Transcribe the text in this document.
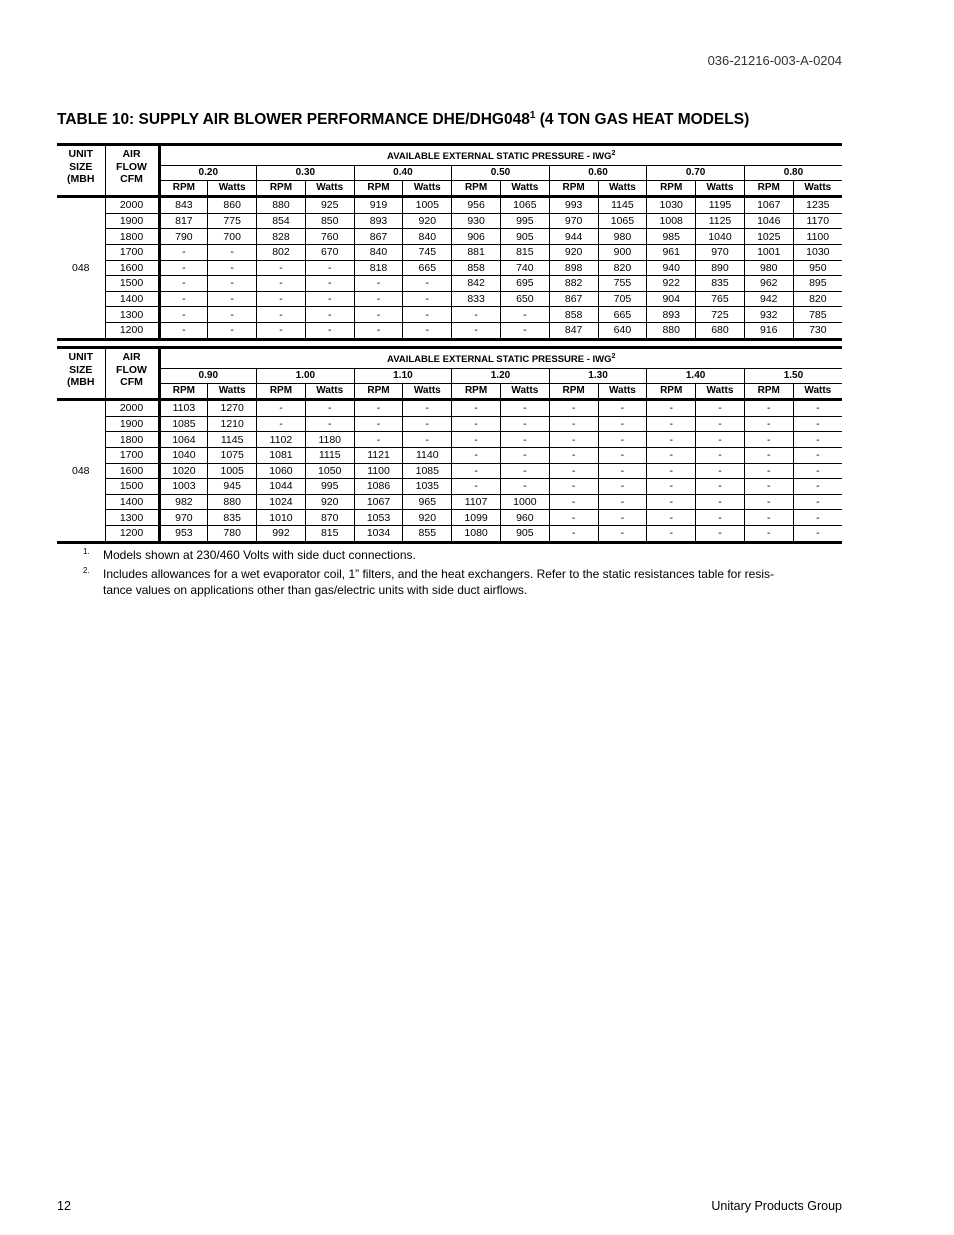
036-21216-003-A-0204
TABLE 10: SUPPLY AIR BLOWER PERFORMANCE DHE/$DHG048^1$ (4 TON GAS HEAT MODELS)
UNIT
SIZE
(MBH	AIR
FLOW
CFM	AVAILABLE EXTERNAL STATIC PRESSURE - IWG$^2$
		0.20		0.30		0.40		0.50		0.60		0.70		0.80	
		RPM	Watts	RPM	Watts	RPM	Watts	RPM	Watts	RPM	Watts	RPM	Watts	RPM	Watts
048	2000	843	860	880	925	919	1005	956	1065	993	1145	1030	1195	1067	1235
	1900	817	775	854	850	893	920	930	995	970	1065	1008	1125	1046	1170
	1800	790	700	828	760	867	840	906	905	944	980	985	1040	1025	1100
	1700	-	-	802	670	840	745	881	815	920	900	961	970	1001	1030
	1600	-	-	-	-	818	665	858	740	898	820	940	890	980	950
	1500	-	-	-	-	-	-	842	695	882	755	922	835	962	895
	1400	-	-	-	-	-	-	833	650	867	705	904	765	942	820
	1300	-	-	-	-	-	-	-	-	858	665	893	725	932	785
	1200	-	-	-	-	-	-	-	-	847	640	880	680	916	730
UNIT
SIZE
(MBH	AIR
FLOW
CFM	AVAILABLE EXTERNAL STATIC PRESSURE - IWG$^2$
		0.90		1.00		1.10		1.20		1.30		1.40		1.50	
		RPM	Watts	RPM	Watts	RPM	Watts	RPM	Watts	RPM	Watts	RPM	Watts	RPM	Watts
048	2000	1103	1270	-	-	-	-	-	-	-	-	-	-	-	-
	1900	1085	1210	-	-	-	-	-	-	-	-	-	-	-	-
	1800	1064	1145	1102	1180	-	-	-	-	-	-	-	-	-	-
	1700	1040	1075	1081	1115	1121	1140	-	-	-	-	-	-	-	-
	1600	1020	1005	1060	1050	1100	1085	-	-	-	-	-	-	-	-
	1500	1003	945	1044	995	1086	1035	-	-	-	-	-	-	-	-
	1400	982	880	1024	920	1067	965	1107	1000	-	-	-	-	-	-
	1300	970	835	1010	870	1053	920	1099	960	-	-	-	-	-	-
	1200	953	780	992	815	1034	855	1080	905	-	-	-	-	-	-
1. Models shown at 230/460 Volts with side duct connections.
2. Includes allowances for a wet evaporator coil, 1” filters, and the heat exchangers. Refer to the static resistances table for resis- tance values on applications other than gas/electric units with side duct airflows.
12	Unitary Products Group
